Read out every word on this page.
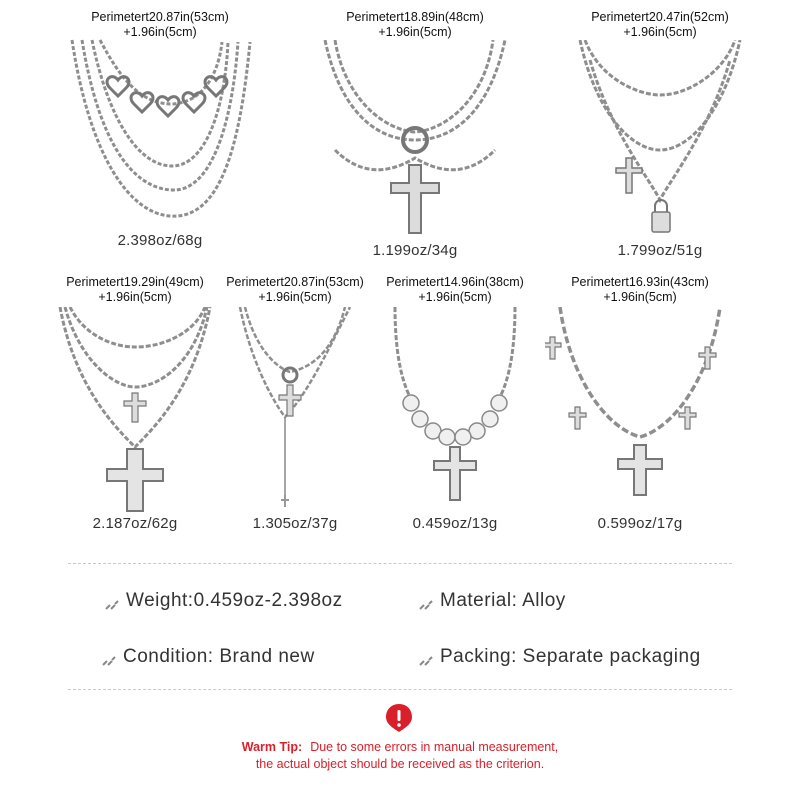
Perimetert20.87in(53cm)
+1.96in(5cm)
2.398oz/68g
Perimetert18.89in(48cm)
+1.96in(5cm)
1.199oz/34g
Perimetert20.47in(52cm)
+1.96in(5cm)
1.799oz/51g
Perimetert19.29in(49cm)
+1.96in(5cm)
2.187oz/62g
Perimetert20.87in(53cm)
+1.96in(5cm)
1.305oz/37g
Perimetert14.96in(38cm)
+1.96in(5cm)
0.459oz/13g
Perimetert16.93in(43cm)
+1.96in(5cm)
0.599oz/17g
Weight:0.459oz-2.398oz	Material: Alloy
Condition: Brand new	Packing: Separate packaging
Warm Tip: Due to some errors in manual measurement,
the actual object should be received as the criterion.
